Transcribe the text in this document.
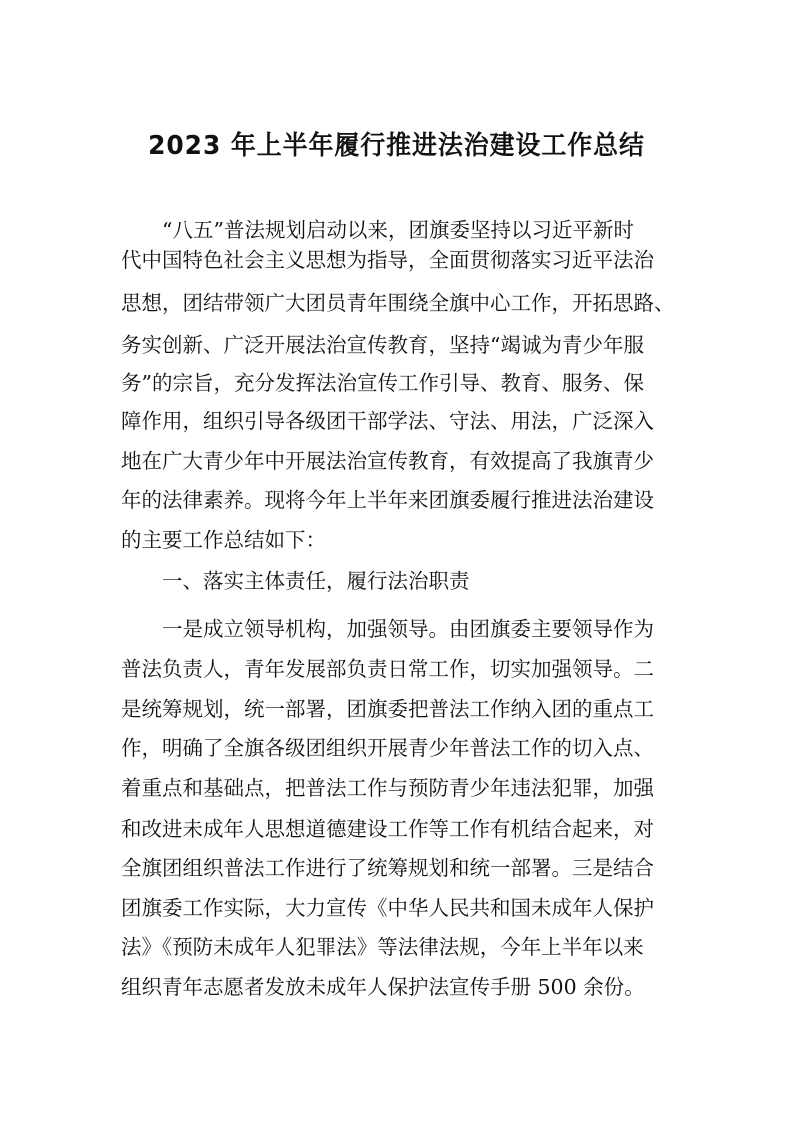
2023 年上半年履行推进法治建设工作总结
　　“八五”普法规划启动以来，团旗委坚持以习近平新时
代中国特色社会主义思想为指导，全面贯彻落实习近平法治
思想，团结带领广大团员青年围绕全旗中心工作，开拓思路、
务实创新、广泛开展法治宣传教育，坚持“竭诚为青少年服
务”的宗旨，充分发挥法治宣传工作引导、教育、服务、保
障作用，组织引导各级团干部学法、守法、用法，广泛深入
地在广大青少年中开展法治宣传教育，有效提高了我旗青少
年的法律素养。现将今年上半年来团旗委履行推进法治建设
的主要工作总结如下：
　　一、落实主体责任，履行法治职责
　　一是成立领导机构，加强领导。由团旗委主要领导作为
普法负责人，青年发展部负责日常工作，切实加强领导。二
是统筹规划，统一部署，团旗委把普法工作纳入团的重点工
作，明确了全旗各级团组织开展青少年普法工作的切入点、
着重点和基础点，把普法工作与预防青少年违法犯罪，加强
和改进未成年人思想道德建设工作等工作有机结合起来，对
全旗团组织普法工作进行了统筹规划和统一部署。三是结合
团旗委工作实际，大力宣传《中华人民共和国未成年人保护
法》《预防未成年人犯罪法》等法律法规，今年上半年以来
组织青年志愿者发放未成年人保护法宣传手册 500 余份。
